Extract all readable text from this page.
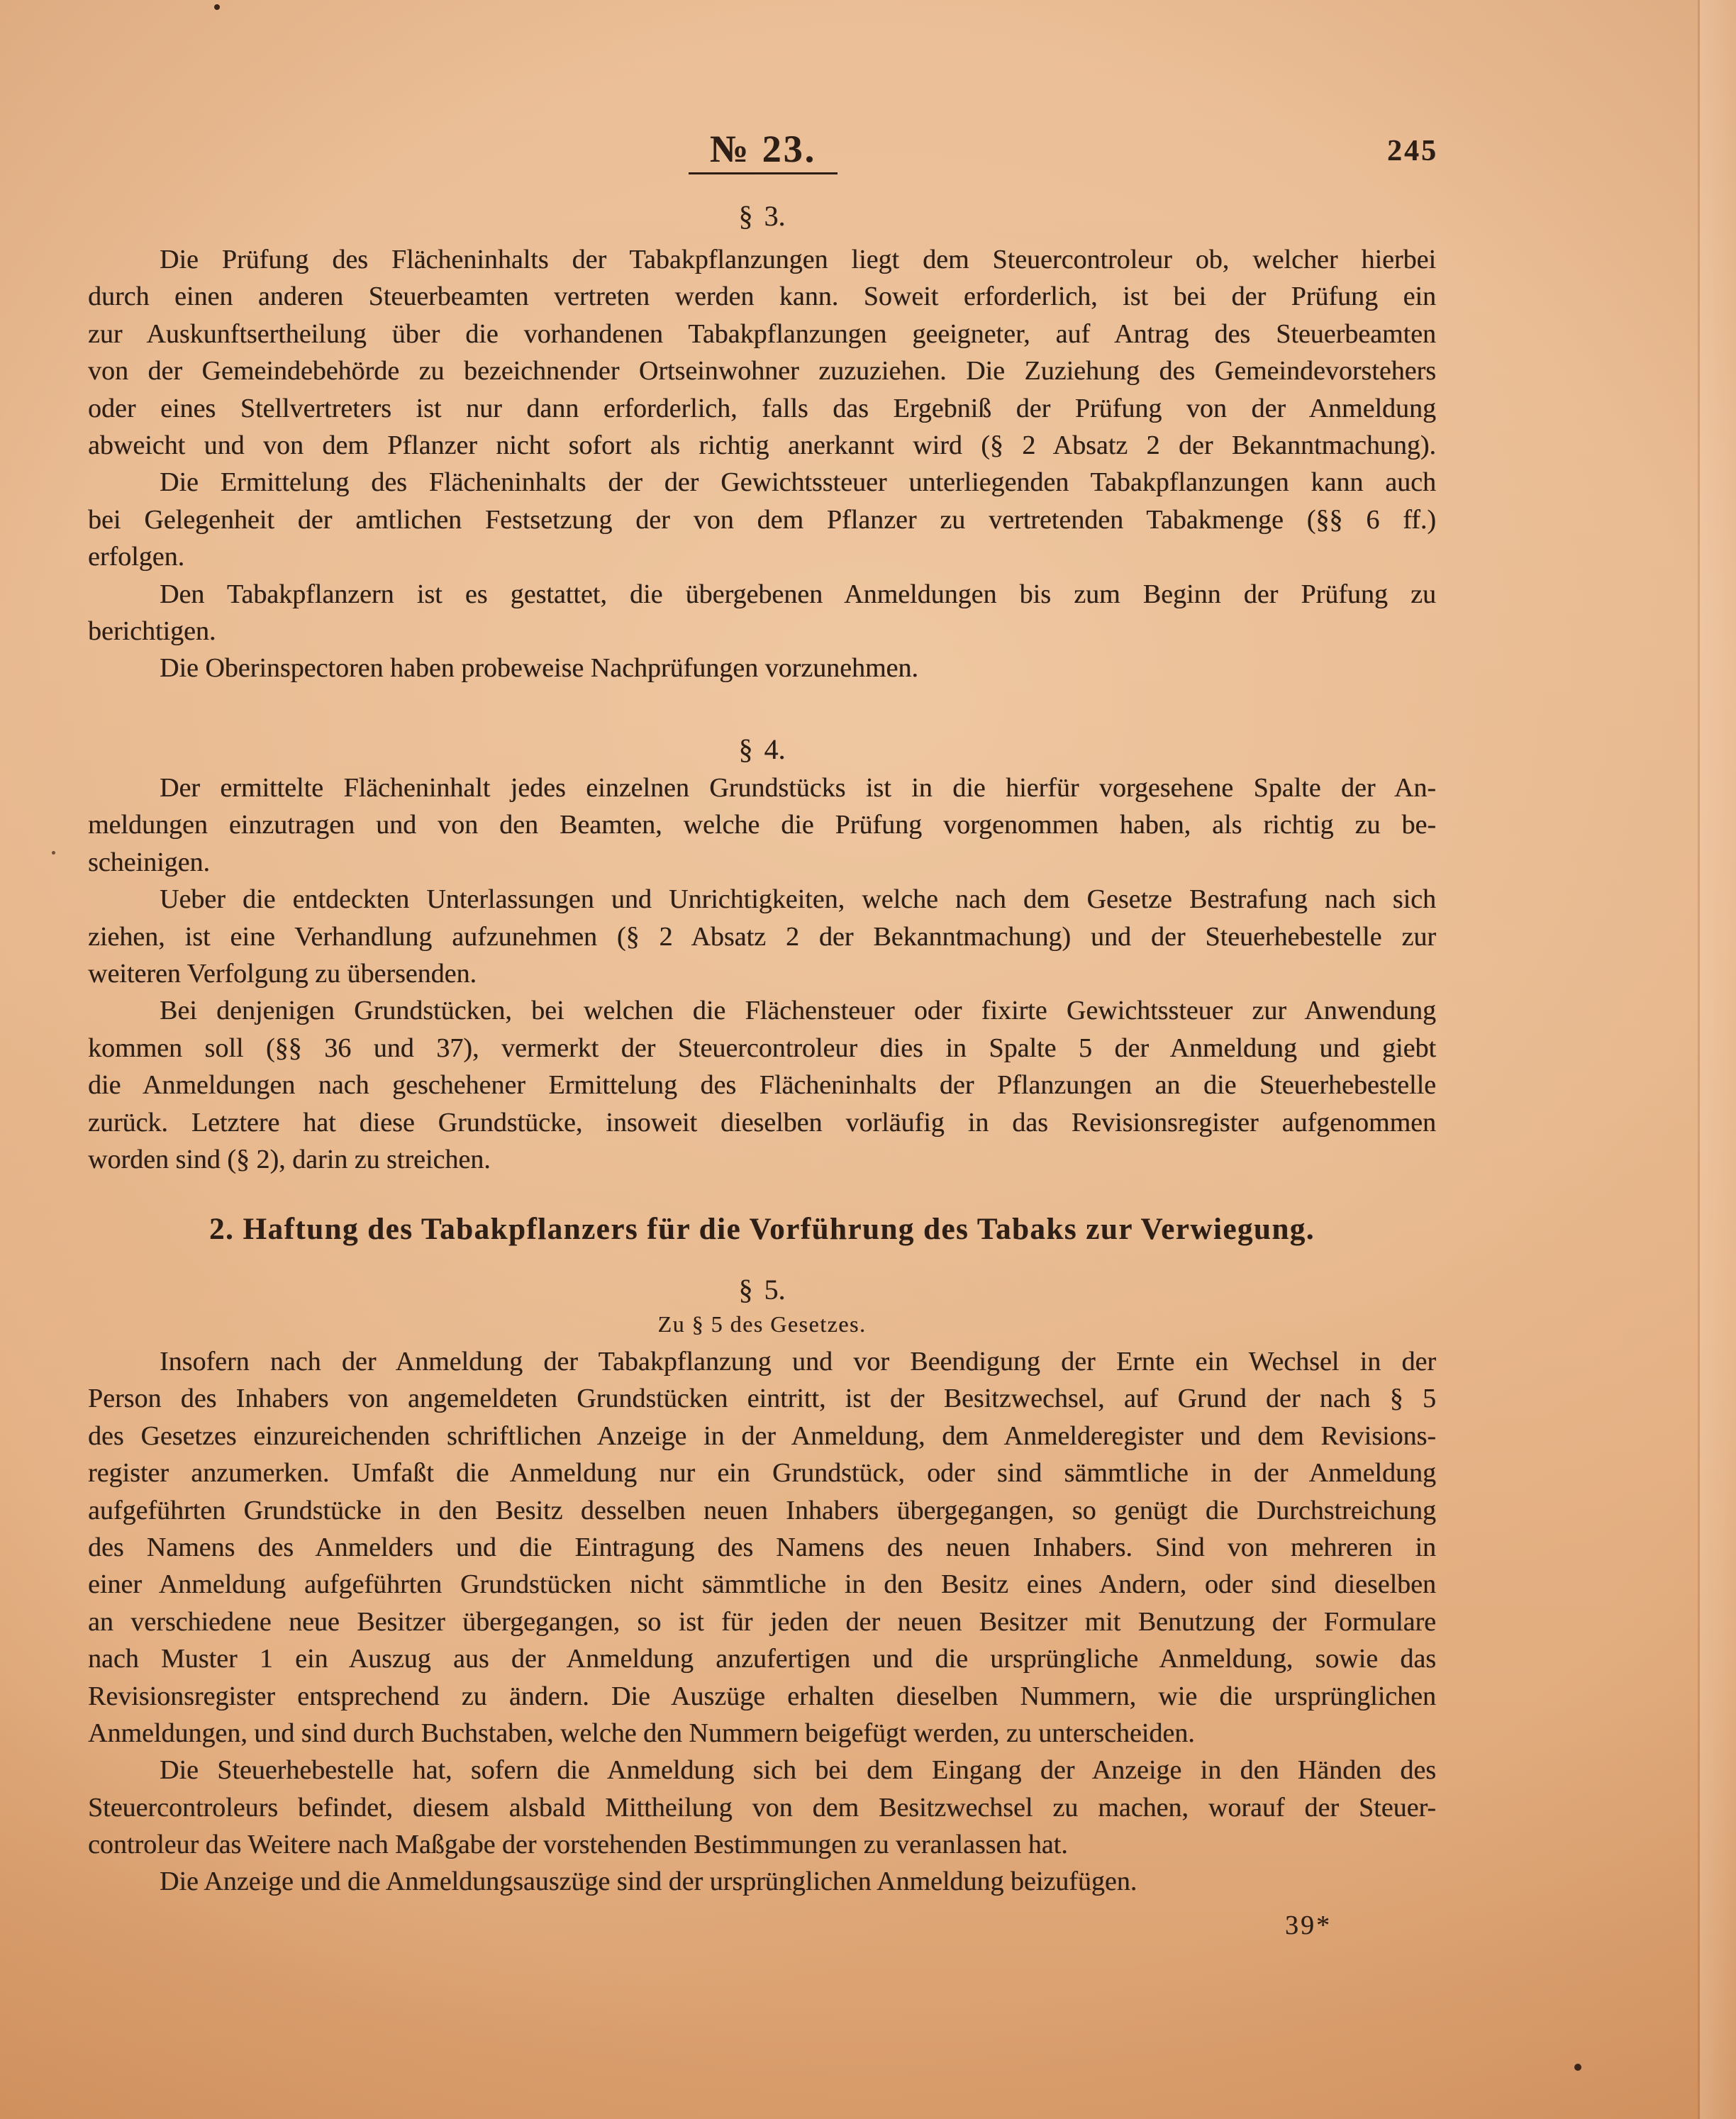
№ 23.	245
§ 3.
Die Prüfung des Flächeninhalts der Tabakpflanzungen liegt dem Steuercontroleur ob, welcher hierbei
durch einen anderen Steuerbeamten vertreten werden kann. Soweit erforderlich, ist bei der Prüfung ein
zur Auskunftsertheilung über die vorhandenen Tabakpflanzungen geeigneter, auf Antrag des Steuerbeamten
von der Gemeindebehörde zu bezeichnender Ortseinwohner zuzuziehen. Die Zuziehung des Gemeindevorstehers
oder eines Stellvertreters ist nur dann erforderlich, falls das Ergebniß der Prüfung von der Anmeldung
abweicht und von dem Pflanzer nicht sofort als richtig anerkannt wird (§ 2 Absatz 2 der Bekanntmachung).
Die Ermittelung des Flächeninhalts der der Gewichtssteuer unterliegenden Tabakpflanzungen kann auch
bei Gelegenheit der amtlichen Festsetzung der von dem Pflanzer zu vertretenden Tabakmenge (§§ 6 ff.)
erfolgen.
Den Tabakpflanzern ist es gestattet, die übergebenen Anmeldungen bis zum Beginn der Prüfung zu
berichtigen.
Die Oberinspectoren haben probeweise Nachprüfungen vorzunehmen.
§ 4.
Der ermittelte Flächeninhalt jedes einzelnen Grundstücks ist in die hierfür vorgesehene Spalte der An-
meldungen einzutragen und von den Beamten, welche die Prüfung vorgenommen haben, als richtig zu be-
scheinigen.
Ueber die entdeckten Unterlassungen und Unrichtigkeiten, welche nach dem Gesetze Bestrafung nach sich
ziehen, ist eine Verhandlung aufzunehmen (§ 2 Absatz 2 der Bekanntmachung) und der Steuerhebestelle zur
weiteren Verfolgung zu übersenden.
Bei denjenigen Grundstücken, bei welchen die Flächensteuer oder fixirte Gewichtssteuer zur Anwendung
kommen soll (§§ 36 und 37), vermerkt der Steuercontroleur dies in Spalte 5 der Anmeldung und giebt
die Anmeldungen nach geschehener Ermittelung des Flächeninhalts der Pflanzungen an die Steuerhebestelle
zurück. Letztere hat diese Grundstücke, insoweit dieselben vorläufig in das Revisionsregister aufgenommen
worden sind (§ 2), darin zu streichen.
2. Haftung des Tabakpflanzers für die Vorführung des Tabaks zur Verwiegung.
§ 5.
Zu § 5 des Gesetzes.
Insofern nach der Anmeldung der Tabakpflanzung und vor Beendigung der Ernte ein Wechsel in der
Person des Inhabers von angemeldeten Grundstücken eintritt, ist der Besitzwechsel, auf Grund der nach § 5
des Gesetzes einzureichenden schriftlichen Anzeige in der Anmeldung, dem Anmelderegister und dem Revisions-
register anzumerken. Umfaßt die Anmeldung nur ein Grundstück, oder sind sämmtliche in der Anmeldung
aufgeführten Grundstücke in den Besitz desselben neuen Inhabers übergegangen, so genügt die Durchstreichung
des Namens des Anmelders und die Eintragung des Namens des neuen Inhabers. Sind von mehreren in
einer Anmeldung aufgeführten Grundstücken nicht sämmtliche in den Besitz eines Andern, oder sind dieselben
an verschiedene neue Besitzer übergegangen, so ist für jeden der neuen Besitzer mit Benutzung der Formulare
nach Muster 1 ein Auszug aus der Anmeldung anzufertigen und die ursprüngliche Anmeldung, sowie das
Revisionsregister entsprechend zu ändern. Die Auszüge erhalten dieselben Nummern, wie die ursprünglichen
Anmeldungen, und sind durch Buchstaben, welche den Nummern beigefügt werden, zu unterscheiden.
Die Steuerhebestelle hat, sofern die Anmeldung sich bei dem Eingang der Anzeige in den Händen des
Steuercontroleurs befindet, diesem alsbald Mittheilung von dem Besitzwechsel zu machen, worauf der Steuer-
controleur das Weitere nach Maßgabe der vorstehenden Bestimmungen zu veranlassen hat.
Die Anzeige und die Anmeldungsauszüge sind der ursprünglichen Anmeldung beizufügen.
39*
